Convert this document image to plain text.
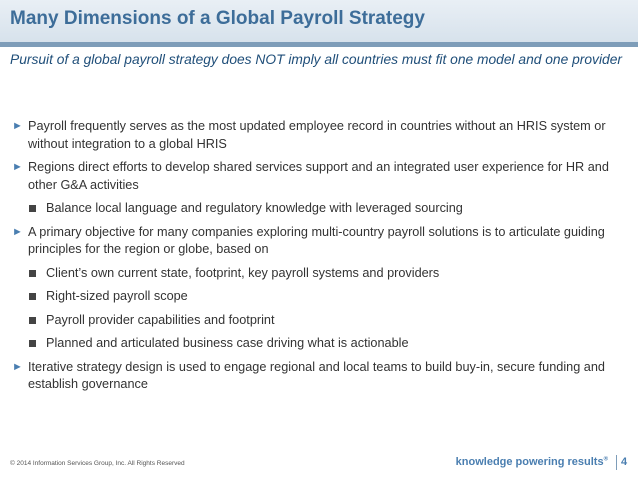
Many Dimensions of a Global Payroll Strategy
Pursuit of a global payroll strategy does NOT imply all countries must fit one model and one provider
► Payroll frequently serves as the most updated employee record in countries without an HRIS system or without integration to a global HRIS
► Regions direct efforts to develop shared services support and an integrated user experience for HR and other G&A activities
Balance local language and regulatory knowledge with leveraged sourcing
► A primary objective for many companies exploring multi-country payroll solutions is to articulate guiding principles for the region or globe, based on
Client’s own current state, footprint, key payroll systems and providers
Right-sized payroll scope
Payroll provider capabilities and footprint
Planned and articulated business case driving what is actionable
► Iterative strategy design is used to engage regional and local teams to build buy-in, secure funding and establish governance
© 2014 Information Services Group, Inc. All Rights Reserved	knowledge powering results® 4
